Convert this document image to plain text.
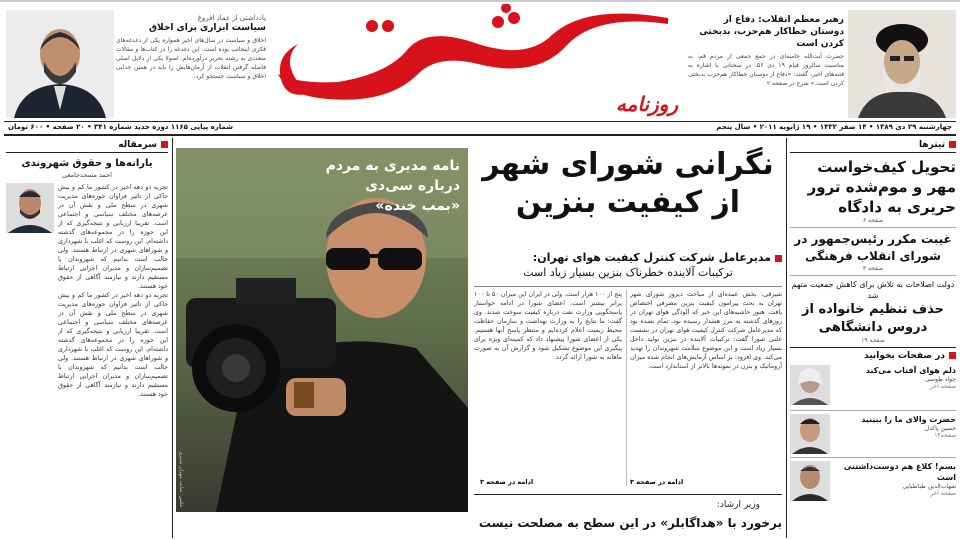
رهبر معظم انقلاب: دفاع از دوستان خطاکار هم‌حزب، بدبختی کردن است
حضرت آیت‌الله خامنه‌ای در جمع جمعی از مردم قم، به مناسبت سالروز قیام ۱۹ دی ۵۶، در سخنانی با اشاره به فتنه‌های اخیر، گفتند: «دفاع از دوستان خطاکار هم‌حزب بدبختی کردن است.» شرح در صفحه ۲
روزنامه
یادداشتی از عماد افروغ
سیاست ابزاری برای اخلاق
اخلاق و سیاست در سال‌های اخیر همواره یکی از دغدغه‌های فکری اینجانب بوده است. این دغدغه را در کتاب‌ها و مقالات متعددی به رشته تحریر درآورده‌ام. اصولا یکی از دلایل اصلی فاصله گرفتن انقلاب از آرمان‌هایش را باید در همین جدایی اخلاق و سیاست جستجو کرد.
چهارشنبه ۲۹ دی ۱۳۸۹ • ۱۴ صفر ۱۴۳۲ • ۱۹ ژانویه ۲۰۱۱ • سال پنجم
شماره پیاپی ۱۱۶۵ دوره جدید شماره ۳۴۱ • ۲۰ صفحه • ۶۰۰ تومان
تیترها
تحویل کیف‌خواست مهر و موم‌شده ترور حریری به دادگاه
صفحه ۶
غیبت مکرر رئیس‌جمهور در شورای انقلاب فرهنگی
صفحه ۳
دولت اصلاحات به تلاش برای کاهش جمعیت متهم شد
حذف تنظیم خانواده از دروس دانشگاهی
صفحه ۱۹
در صفحات بخوانید
دلم هوای آفتاب می‌کند
جواد طوسی
صفحه آخر
حضرت والای ما را ببینید
حسین پاکدل
صفحه۱۴
بسم‌! کلاغ هم دوست‌داشتنی است
شهاب‌الدین طباطبایی
صفحه آخر
نگرانی شورای شهر
از کیفیت بنزین
مدیرعامل شرکت کنترل کیفیت هوای تهران:
ترکیبات آلاینده خطرناک بنزین بسیار زیاد است
شیرقی: بخش عمده‌ای از مباحث دیروز شورای شهر تهران به بحث پیرامون کیفیت بنزین مصرفی اختصاص یافت. هنوز حاشیه‌های این خبر که آلودگی هوای تهران در روزهای گذشته به مرز هشدار رسیده بود، تمام نشده بود که مدیرعامل شرکت کنترل کیفیت هوای تهران در نشست علنی شورا گفت: ترکیبات آلاینده در بنزین تولید داخل بسیار زیاد است و این موضوع سلامت شهروندان را تهدید می‌کند. وی افزود: بر اساس آزمایش‌های انجام شده میزان آروماتیک و بنزن در نمونه‌ها بالاتر از استاندارد است.
ادامه در صفحه ۳
پنج از ۱۰۰ هزار است. ولی در ایران این میزان ۵۰ تا ۱۰۰ برابر بیشتر است. اعضای شورا در ادامه خواستار پاسخگویی وزارت نفت درباره کیفیت سوخت شدند. وی گفت: ما نتایج را به وزارت بهداشت و سازمان حفاظت محیط زیست اعلام کرده‌ایم و منتظر پاسخ آنها هستیم. یکی از اعضای شورا پیشنهاد داد که کمیته‌ای ویژه برای پیگیری این موضوع تشکیل شود و گزارش آن به صورت ماهانه به شورا ارائه گردد.
ادامه در صفحه ۳
نامه مدیری به مردم
درباره سی‌دی
«بمب خنده»
عکس: سایت مهران مدیری	وزیر ارشاد:
برخورد با «هدا‌گابلر» در این سطح به مصلحت نیست
سرمقاله
یارانه‌ها و حقوق شهروندی
احمد مسجدجامعی
تجربه دو دهه اخیر در کشور ما کم و بیش حاکی از تاثیر فراوان حوزه‌های مدیریت شهری در سطح ملی و نقش آن در عرصه‌های مختلف سیاسی و اجتماعی است. تقریبا ارزیابی و نتیجه‌گیری که از این حوزه را در مجموعه‌های گذشته داشته‌ام. این روست که اغلب با شهرداری و شوراهای شهری در ارتباط هستند. ولی جالب است بدانیم که شهروندان با تصمیم‌سازان و مدیران اجرایی ارتباط مستقیم دارند و نیازمند آگاهی از حقوق خود هستند.
تجربه دو دهه اخیر در کشور ما کم و بیش حاکی از تاثیر فراوان حوزه‌های مدیریت شهری در سطح ملی و نقش آن در عرصه‌های مختلف سیاسی و اجتماعی است. تقریبا ارزیابی و نتیجه‌گیری که از این حوزه را در مجموعه‌های گذشته داشته‌ام. این روست که اغلب با شهرداری و شوراهای شهری در ارتباط هستند. ولی جالب است بدانیم که شهروندان با تصمیم‌سازان و مدیران اجرایی ارتباط مستقیم دارند و نیازمند آگاهی از حقوق خود هستند.
